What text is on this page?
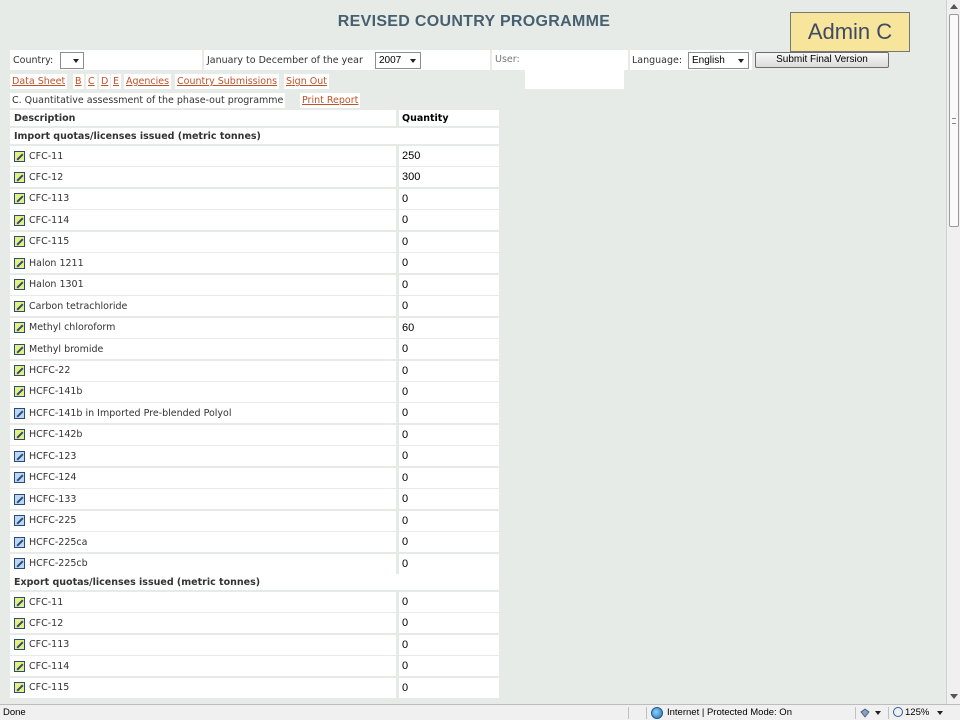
REVISED COUNTRY PROGRAMME	Admin C
Country:	January to December of the year	2007	User:	Language: English	Submit Final Version
Data Sheet B C D E Agencies Country Submissions Sign Out
C. Quantitative assessment of the phase-out programme Print Report
Description	Quantity
Import quotas/licenses issued (metric tonnes)
CFC-11	250
CFC-12	300
CFC-113	0
CFC-114	0
CFC-115	0
Halon 1211	0
Halon 1301	0
Carbon tetrachloride	0
Methyl chloroform	60
Methyl bromide	0
HCFC-22	0
HCFC-141b	0
HCFC-141b in Imported Pre-blended Polyol	0
HCFC-142b	0
HCFC-123	0
HCFC-124	0
HCFC-133	0
HCFC-225	0
HCFC-225ca	0
HCFC-225cb	0
Export quotas/licenses issued (metric tonnes)
CFC-11	0
CFC-12	0
CFC-113	0
CFC-114	0
CFC-115	0
Done	Internet | Protected Mode: On	125%
